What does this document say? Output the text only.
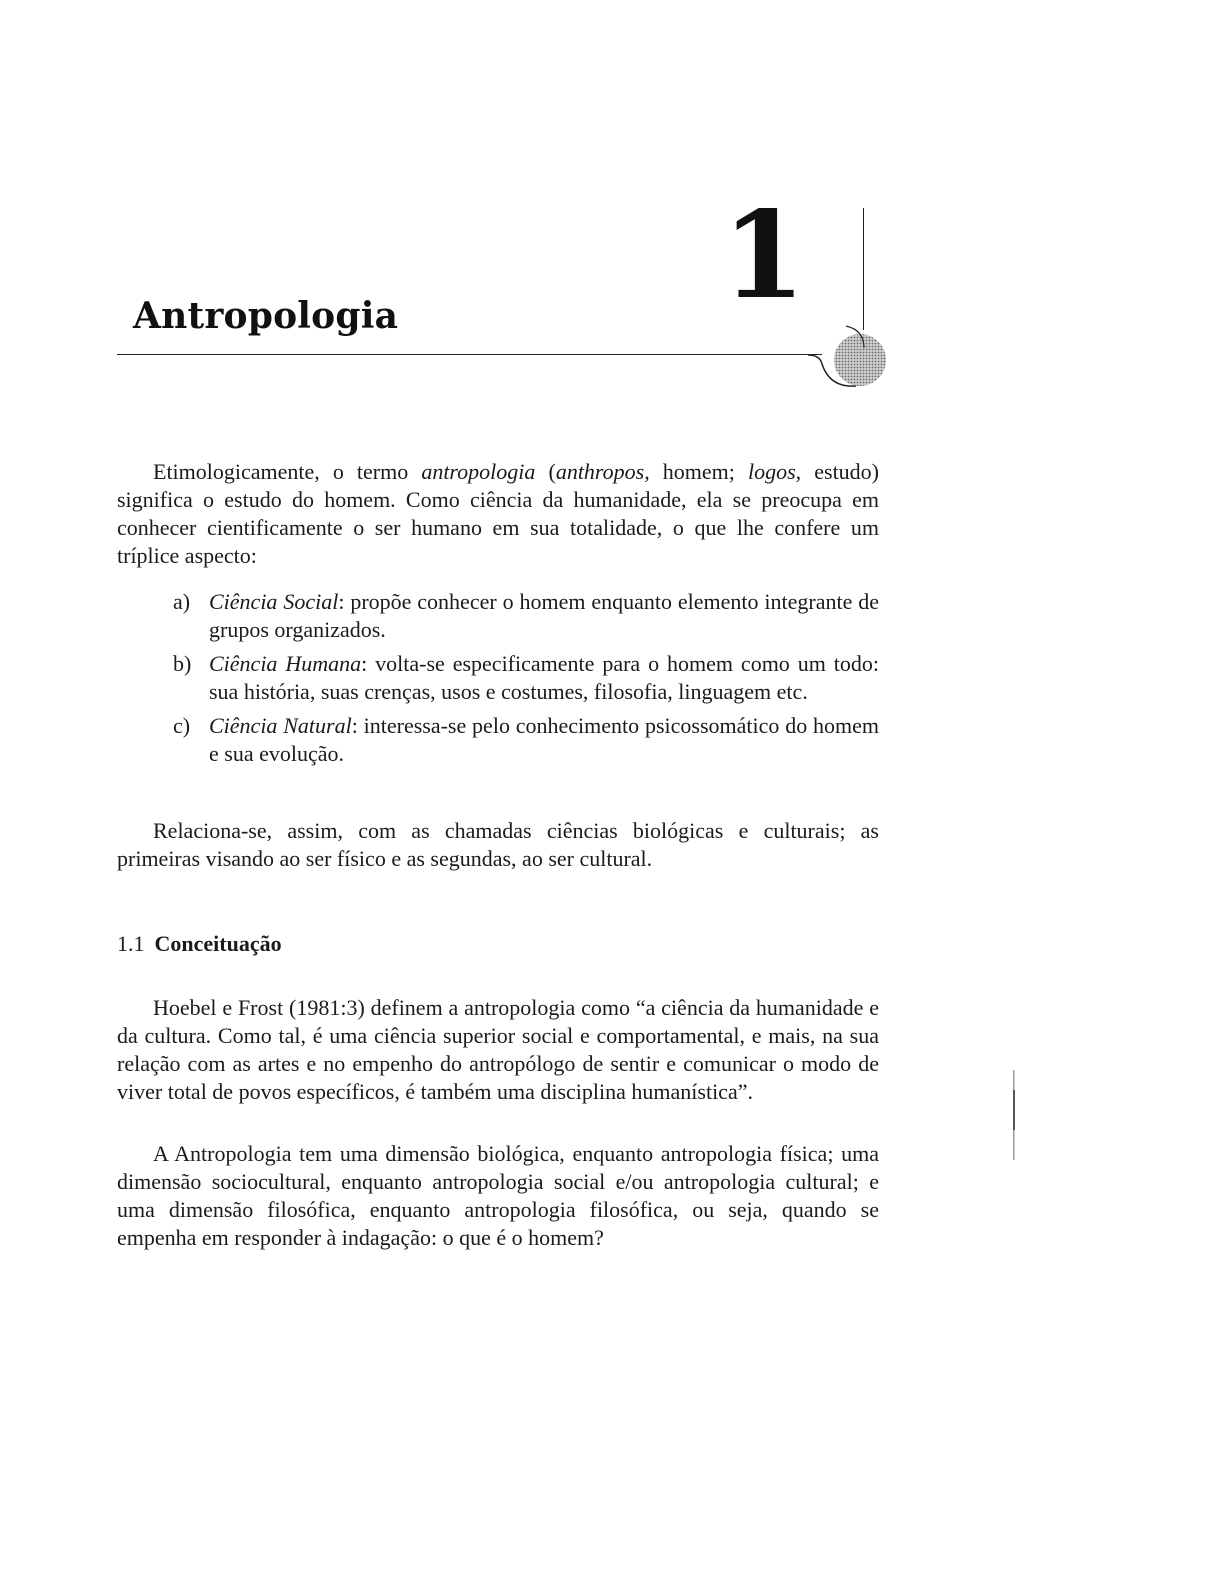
1
Antropologia

Etimologicamente, o termo antropologia (anthropos, homem; logos, estudo) significa o estudo do homem. Como ciência da humanidade, ela se preocupa em conhecer cientificamente o ser humano em sua totalidade, o que lhe confere um tríplice aspecto:

a) Ciência Social: propõe conhecer o homem enquanto elemento integrante de grupos organizados.
b) Ciência Humana: volta-se especificamente para o homem como um todo: sua história, suas crenças, usos e costumes, filosofia, linguagem etc.
c) Ciência Natural: interessa-se pelo conhecimento psicossomático do homem e sua evolução.

Relaciona-se, assim, com as chamadas ciências biológicas e culturais; as primeiras visando ao ser físico e as segundas, ao ser cultural.

1.1 Conceituação

Hoebel e Frost (1981:3) definem a antropologia como “a ciência da humanidade e da cultura. Como tal, é uma ciência superior social e comportamental, e mais, na sua relação com as artes e no empenho do antropólogo de sentir e comunicar o modo de viver total de povos específicos, é também uma disciplina humanística”.

A Antropologia tem uma dimensão biológica, enquanto antropologia física; uma dimensão sociocultural, enquanto antropologia social e/ou antropologia cultural; e uma dimensão filosófica, enquanto antropologia filosófica, ou seja, quando se empenha em responder à indagação: o que é o homem?
